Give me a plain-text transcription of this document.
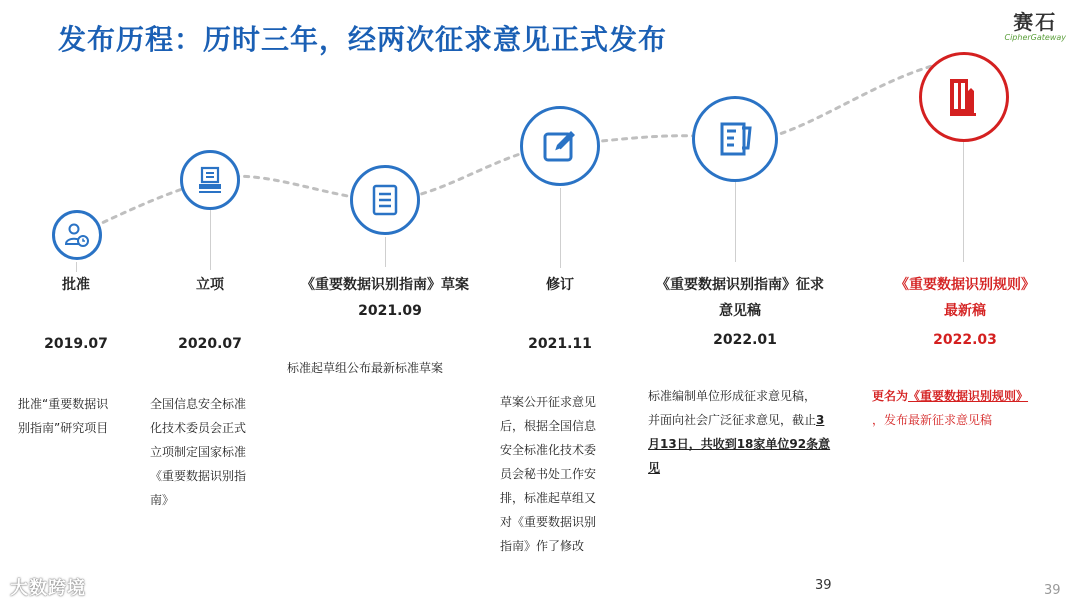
发布历程：历时三年，经两次征求意见正式发布
赛石
CipherGateway
批准	立项	《重要数据识别指南》草案	修订	《重要数据识别指南》征求
意见稿
《重要数据识别规则》
最新稿
2019.07	2020.07
2021.09
2021.11	2022.01	2022.03
批准“重要数据识
别指南”研究项目
全国信息安全标准
化技术委员会正式
立项制定国家标准
《重要数据识别指
南》
标准起草组公布最新标准草案
草案公开征求意见
后，根据全国信息
安全标准化技术委
员会秘书处工作安
排，标准起草组又
对《重要数据识别
指南》作了修改
标准编制单位形成征求意见稿，
并面向社会广泛征求意见，截止3
月13日，共收到18家单位92条意
见
更名为《重要数据识别规则》
，发布最新征求意见稿
39	39
大数跨境
